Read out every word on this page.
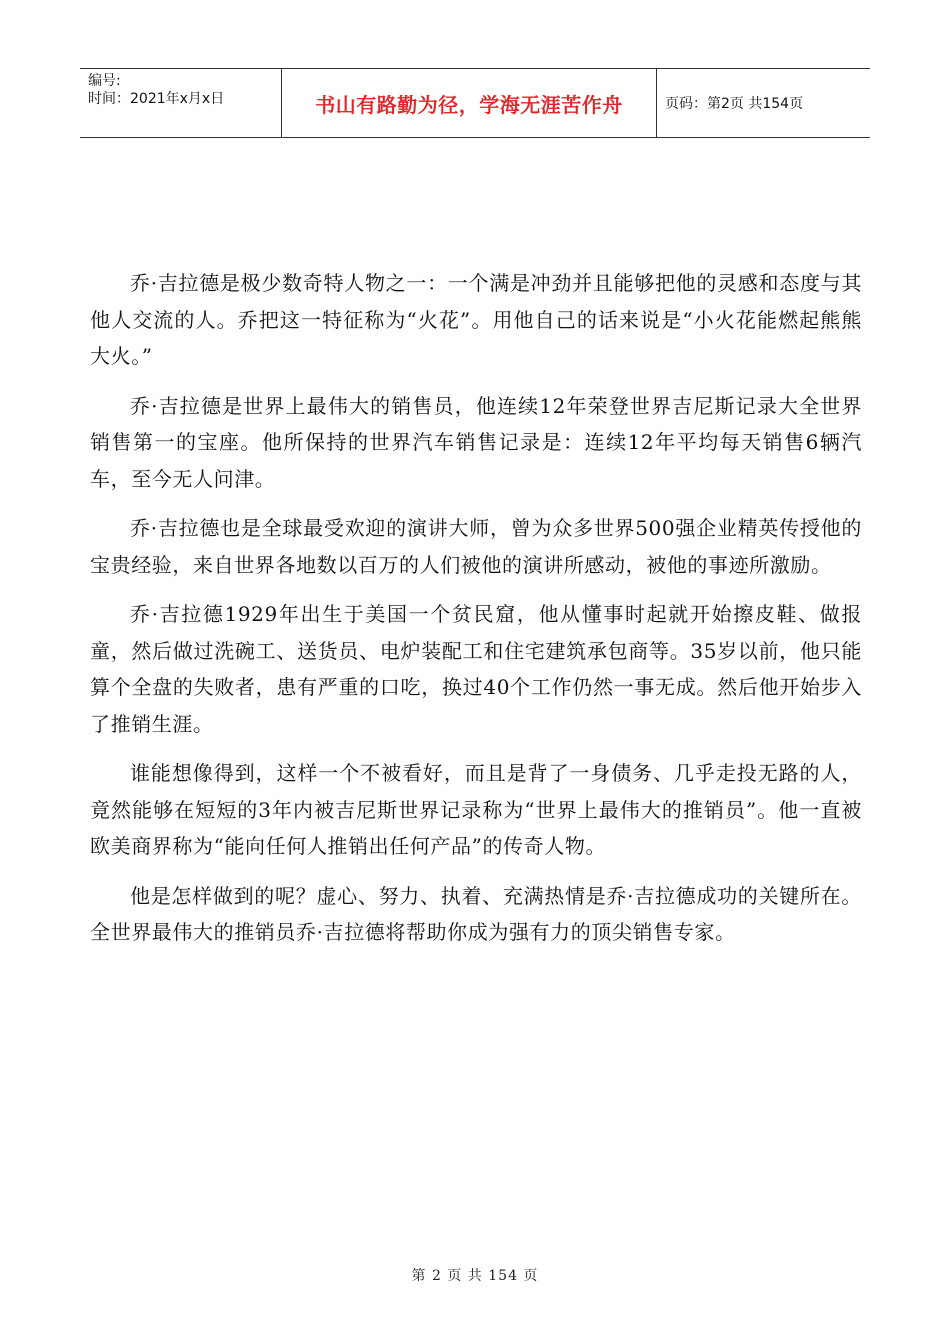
编号:
时间：2021年x月x日	书山有路勤为径，学海无涯苦作舟	页码：第2页 共154页

乔·吉拉德是极少数奇特人物之一：一个满是冲劲并且能够把他的灵感和态度与其他人交流的人。乔把这一特征称为“火花”。用他自己的话来说是“小火花能燃起熊熊大火。”

乔·吉拉德是世界上最伟大的销售员，他连续12年荣登世界吉尼斯记录大全世界销售第一的宝座。他所保持的世界汽车销售记录是：连续12年平均每天销售6辆汽车，至今无人问津。

乔·吉拉德也是全球最受欢迎的演讲大师，曾为众多世界500强企业精英传授他的宝贵经验，来自世界各地数以百万的人们被他的演讲所感动，被他的事迹所激励。

乔·吉拉德1929年出生于美国一个贫民窟，他从懂事时起就开始擦皮鞋、做报童，然后做过洗碗工、送货员、电炉装配工和住宅建筑承包商等。35岁以前，他只能算个全盘的失败者，患有严重的口吃，换过40个工作仍然一事无成。然后他开始步入了推销生涯。

谁能想像得到，这样一个不被看好，而且是背了一身债务、几乎走投无路的人，竟然能够在短短的3年内被吉尼斯世界记录称为“世界上最伟大的推销员”。他一直被欧美商界称为“能向任何人推销出任何产品”的传奇人物。

他是怎样做到的呢？虚心、努力、执着、充满热情是乔·吉拉德成功的关键所在。全世界最伟大的推销员乔·吉拉德将帮助你成为强有力的顶尖销售专家。

第 2 页 共 154 页
